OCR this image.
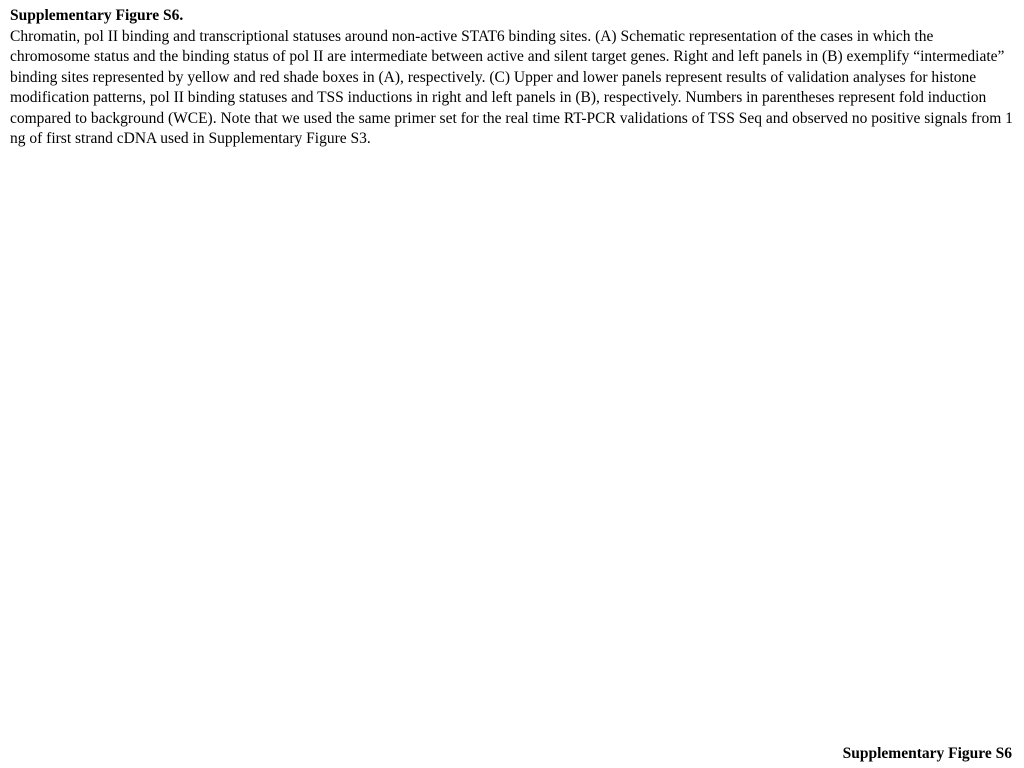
Supplementary Figure S6.
Chromatin, pol II binding and transcriptional statuses around non-active STAT6 binding sites. (A) Schematic representation of the cases in which the chromosome status and the binding status of pol II are intermediate between active and silent target genes. Right and left panels in (B) exemplify “intermediate” binding sites represented by yellow and red shade boxes in (A), respectively. (C) Upper and lower panels represent results of validation analyses for histone modification patterns, pol II binding statuses and TSS inductions in right and left panels in (B), respectively. Numbers in parentheses represent fold induction compared to background (WCE). Note that we used the same primer set for the real time RT-PCR validations of TSS Seq and observed no positive signals from 1 ng of first strand cDNA used in Supplementary Figure S3.
Supplementary Figure S6
